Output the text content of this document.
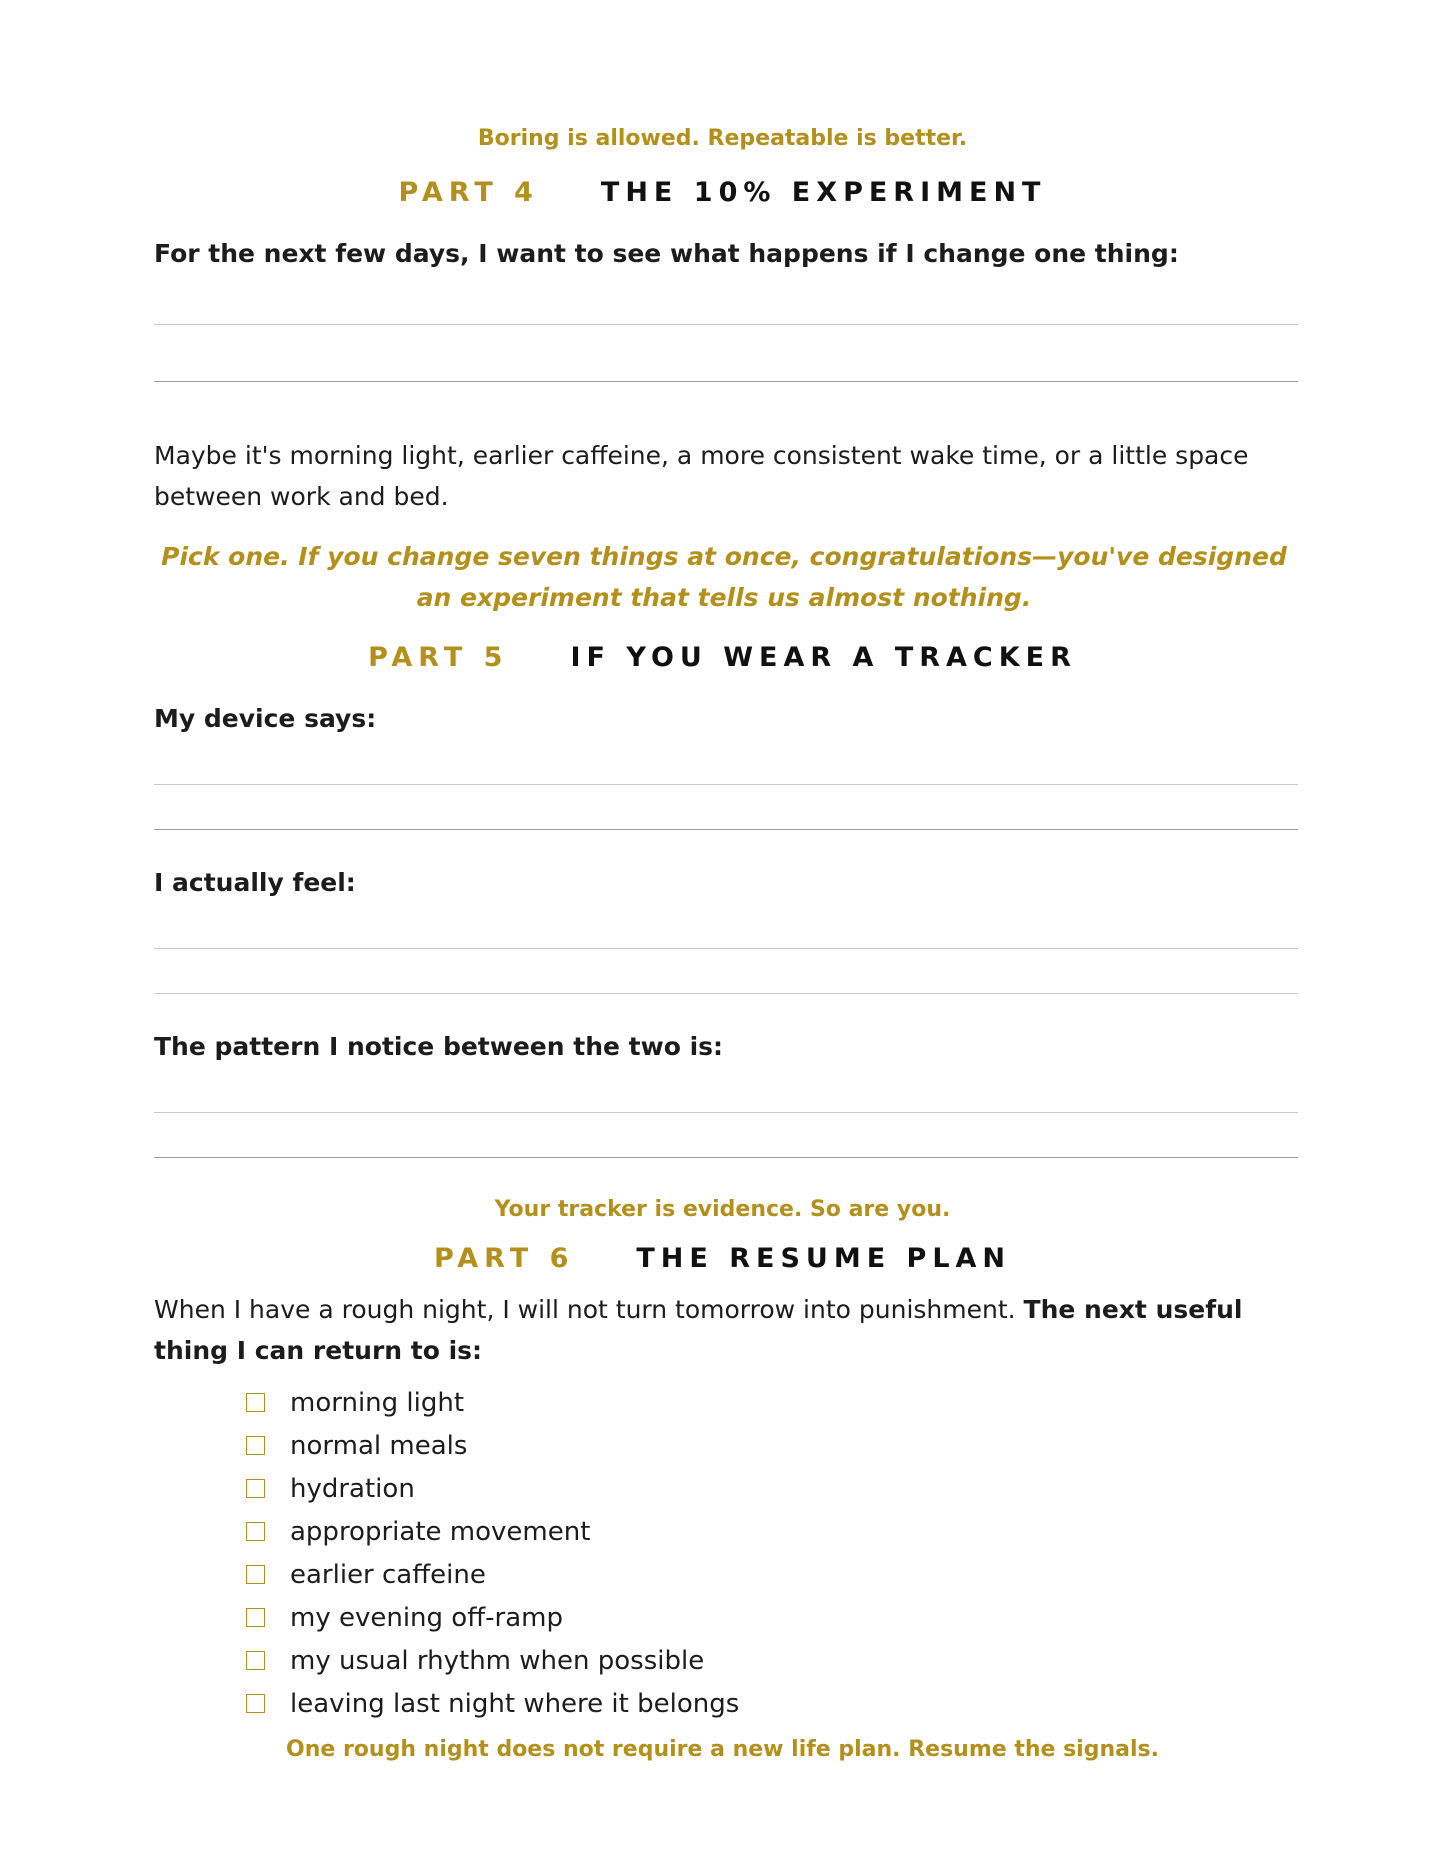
Boring is allowed. Repeatable is better.
PART 4 THE 10% EXPERIMENT
For the next few days, I want to see what happens if I change one thing:
Maybe it's morning light, earlier caffeine, a more consistent wake time, or a little space between work and bed.
Pick one. If you change seven things at once, congratulations—you've designed an experiment that tells us almost nothing.
PART 5 IF YOU WEAR A TRACKER
My device says:
I actually feel:
The pattern I notice between the two is:
Your tracker is evidence. So are you.
PART 6 THE RESUME PLAN
When I have a rough night, I will not turn tomorrow into punishment. The next useful thing I can return to is:
morning light
normal meals
hydration
appropriate movement
earlier caffeine
my evening off-ramp
my usual rhythm when possible
leaving last night where it belongs
One rough night does not require a new life plan. Resume the signals.
